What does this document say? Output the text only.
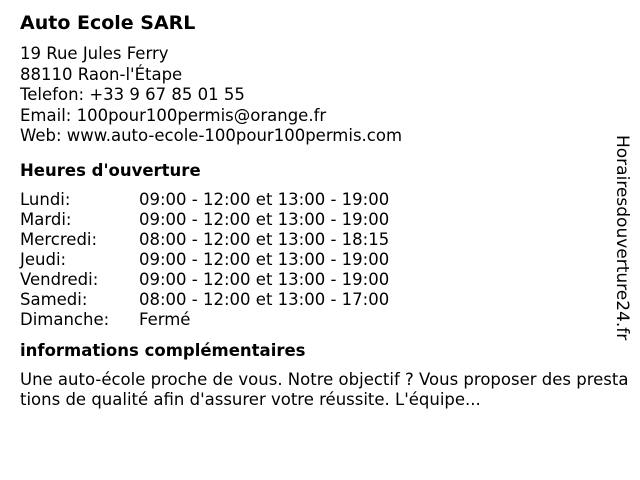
Auto Ecole SARL
19 Rue Jules Ferry
88110 Raon-l'Étape
Telefon: +33 9 67 85 01 55
Email: 100pour100permis@orange.fr
Web: www.auto-ecole-100pour100permis.com
Heures d'ouverture
Lundi:	09:00 - 12:00 et 13:00 - 19:00
Mardi:	09:00 - 12:00 et 13:00 - 19:00
Mercredi:	08:00 - 12:00 et 13:00 - 18:15
Jeudi:	09:00 - 12:00 et 13:00 - 19:00
Vendredi:	09:00 - 12:00 et 13:00 - 19:00
Samedi:	08:00 - 12:00 et 13:00 - 17:00
Dimanche:	Fermé
informations complémentaires
Une auto-école proche de vous. Notre objectif ? Vous proposer des prestations de qualité afin d'assurer votre réussite. L'équipe...
Horairesdouverture24.fr
